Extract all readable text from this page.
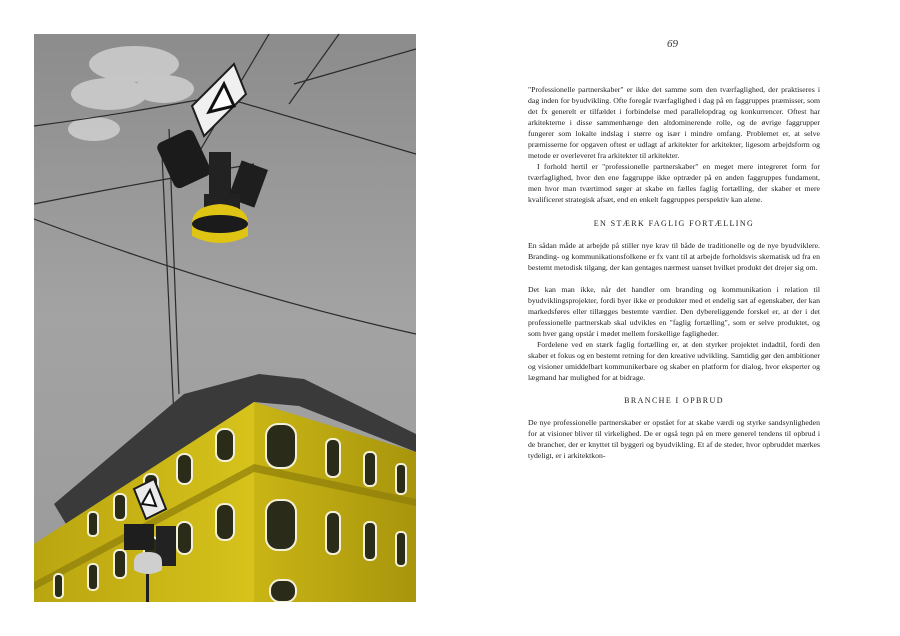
69

"Professionelle partnerskaber" er ikke det samme som den tværfaglighed, der praktiseres i dag inden for byudvikling. Ofte foregår tværfaglighed i dag på en faggruppes præmisser, som det fx generelt er tilfældet i forbindelse med parallelopdrag og konkurrencer. Oftest har arkitekterne i disse sammenhænge den altdominerende rolle, og de øvrige faggrupper fungerer som lokalte indslag i større og især i mindre omfang. Problemet er, at selve præmisserne for opgaven oftest er udlagt af arkitekter for arkitekter, ligesom arbejdsform og metode er overleveret fra arkitekter til arkitekter.

I forhold hertil er "professionelle partnerskaber" en meget mere integreret form for tværfaglighed, hvor den ene faggruppe ikke optræder på en anden faggruppes fundament, men hvor man tværtimod søger at skabe en fælles faglig fortælling, der skaber et mere kvalificeret strategisk afsæt, end en enkelt faggruppes perspektiv kan alene.

EN STÆRK FAGLIG FORTÆLLING

En sådan måde at arbejde på stiller nye krav til både de traditionelle og de nye byudviklere. Branding- og kommunikationsfolkene er fx vant til at arbejde forholdsvis skematisk ud fra en bestemt metodisk tilgang, der kan gentages nærmest uanset hvilket produkt det drejer sig om.

Det kan man ikke, når det handler om branding og kommunikation i relation til byudviklingsprojekter, fordi byer ikke er produkter med et endelig sæt af egenskaber, der kan markedsføres eller tillægges bestemte værdier. Den dybereliggende forskel er, at der i det professionelle partnerskab skal udvikles en "faglig fortælling", som er selve produktet, og som hver gang opstår i mødet mellem forskellige fagligheder.

Fordelene ved en stærk faglig fortælling er, at den styrker projektet indadtil, fordi den skaber et fokus og en bestemt retning for den kreative udvikling. Samtidig gør den ambitioner og visioner umiddelbart kommunikerbare og skaber en platform for dialog, hvor eksperter og lægmand har mulighed for at bidrage.

BRANCHE I OPBRUD

De nye professionelle partnerskaber er opstået for at skabe værdi og styrke sandsynligheden for at visioner bliver til virkelighed. De er også tegn på en mere generel tendens til opbrud i de brancher, der er knyttet til byggeri og byudvikling. Et af de steder, hvor opbruddet mærkes tydeligt, er i arkitektkon-
